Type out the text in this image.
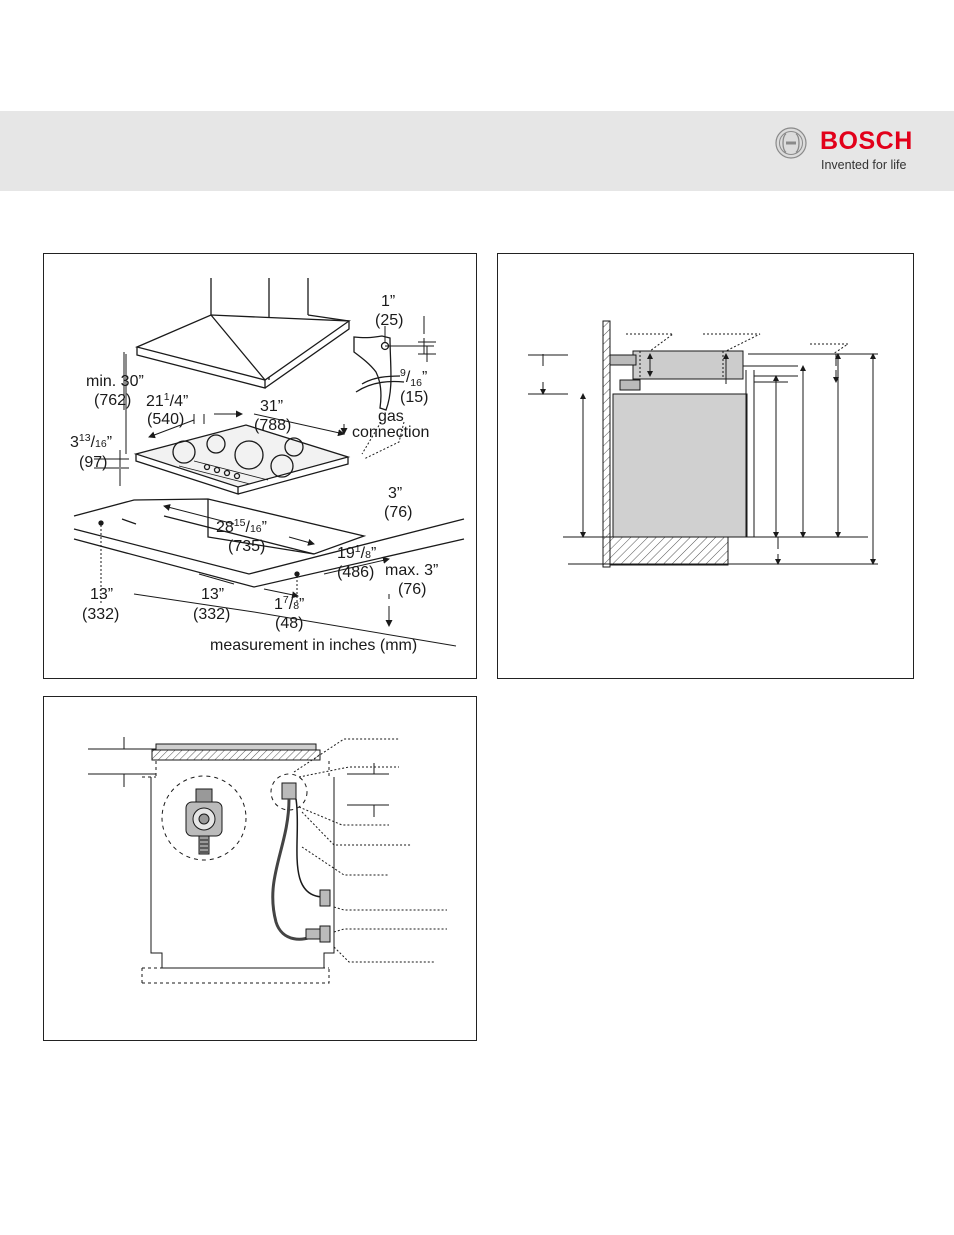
BOSCH
Invented for life
1”
(25)
$^9/_{16}$”
(15)
gas
connection
min. 30”
(762) $21^1/4$”
(540)
31”
(788)
$3^{13}/16$”
(97)
3”
(76)
$28^{15}/16$”
(735)	$19^1/8$”
(486) max. 3”
(76)
13”
(332)
13”
(332)
$1^7/8$”
(48)
measurement in inches (mm)
